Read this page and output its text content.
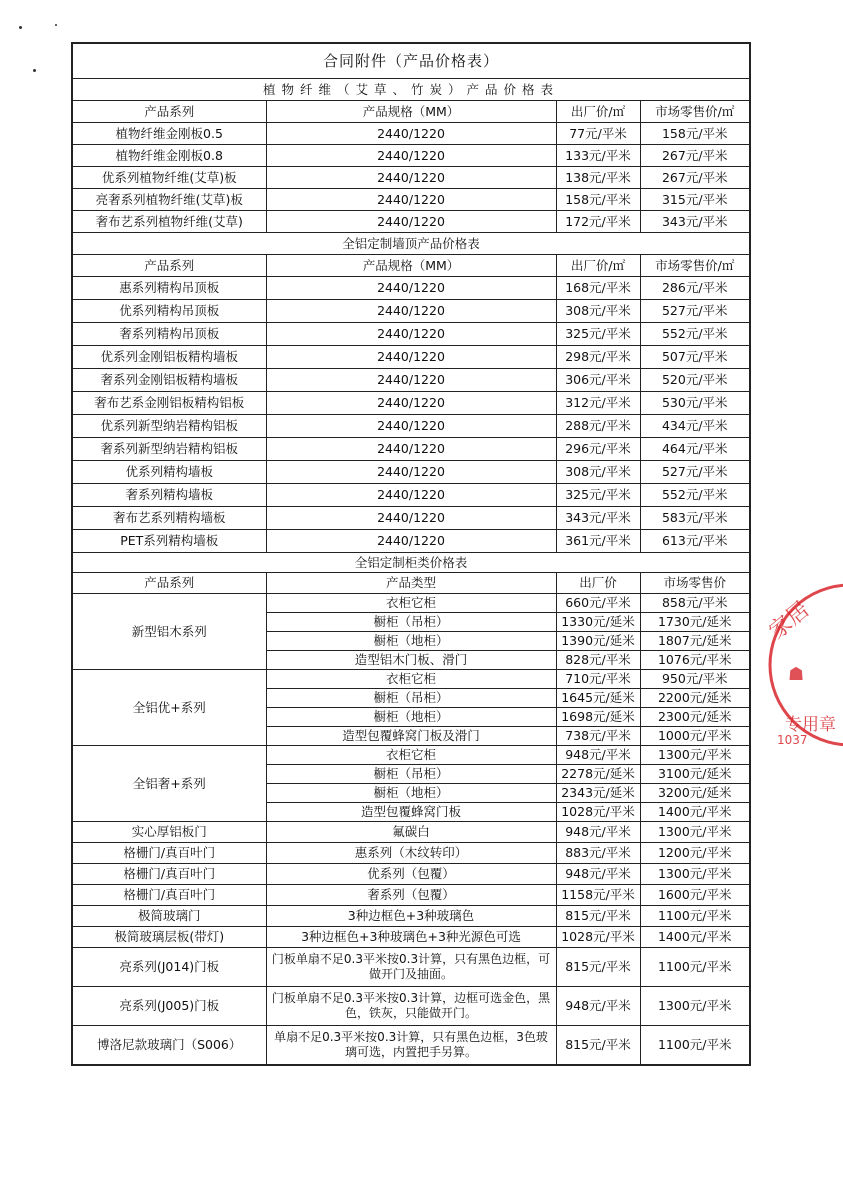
合同附件（产品价格表）			
植物纤维（艾草、竹炭）产品价格表			
产品系列	产品规格（MM）	出厂价/㎡	市场零售价/㎡
植物纤维金刚板0.5	2440/1220	77元/平米	158元/平米
植物纤维金刚板0.8	2440/1220	133元/平米	267元/平米
优系列植物纤维(艾草)板	2440/1220	138元/平米	267元/平米
亮奢系列植物纤维(艾草)板	2440/1220	158元/平米	315元/平米
奢布艺系列植物纤维(艾草)	2440/1220	172元/平米	343元/平米
全铝定制墙顶产品价格表			
产品系列	产品规格（MM）	出厂价/㎡	市场零售价/㎡
惠系列精构吊顶板	2440/1220	168元/平米	286元/平米
优系列精构吊顶板	2440/1220	308元/平米	527元/平米
奢系列精构吊顶板	2440/1220	325元/平米	552元/平米
优系列金刚铝板精构墙板	2440/1220	298元/平米	507元/平米
奢系列金刚铝板精构墙板	2440/1220	306元/平米	520元/平米
奢布艺系金刚铝板精构铝板	2440/1220	312元/平米	530元/平米
优系列新型纳岩精构铝板	2440/1220	288元/平米	434元/平米
奢系列新型纳岩精构铝板	2440/1220	296元/平米	464元/平米
优系列精构墙板	2440/1220	308元/平米	527元/平米
奢系列精构墙板	2440/1220	325元/平米	552元/平米
奢布艺系列精构墙板	2440/1220	343元/平米	583元/平米
PET系列精构墙板	2440/1220	361元/平米	613元/平米
全铝定制柜类价格表			
产品系列	产品类型	出厂价	市场零售价
新型铝木系列	衣柜它柜	660元/平米	858元/平米
	橱柜（吊柜）	1330元/延米	1730元/延米
	橱柜（地柜）	1390元/延米	1807元/延米
	造型铝木门板、滑门	828元/平米	1076元/平米
全铝优+系列	衣柜它柜	710元/平米	950元/平米
	橱柜（吊柜）	1645元/延米	2200元/延米
	橱柜（地柜）	1698元/延米	2300元/延米
	造型包覆蜂窝门板及滑门	738元/平米	1000元/平米
全铝奢+系列	衣柜它柜	948元/平米	1300元/平米
	橱柜（吊柜）	2278元/延米	3100元/延米
	橱柜（地柜）	2343元/延米	3200元/延米
	造型包覆蜂窝门板	1028元/平米	1400元/平米
实心厚铝板门	氟碳白	948元/平米	1300元/平米
格栅门/真百叶门	惠系列（木纹转印）	883元/平米	1200元/平米
格栅门/真百叶门	优系列（包覆）	948元/平米	1300元/平米
格栅门/真百叶门	奢系列（包覆）	1158元/平米	1600元/平米
极简玻璃门	3种边框色+3种玻璃色	815元/平米	1100元/平米
极简玻璃层板(带灯)	3种边框色+3种玻璃色+3种光源色可选	1028元/平米	1400元/平米
亮系列(J014)门板	门板单扇不足0.3平米按0.3计算，只有黑色边框，可做开门及抽面。	815元/平米	1100元/平米
亮系列(J005)门板	门板单扇不足0.3平米按0.3计算，边框可选金色，黑色，铁灰，只能做开门。	948元/平米	1300元/平米
博洛尼款玻璃门（S006）	单扇不足0.3平米按0.3计算，只有黑色边框，3色玻璃可选，内置把手另算。	815元/平米	1100元/平米
家居
☗
专用章
1037
